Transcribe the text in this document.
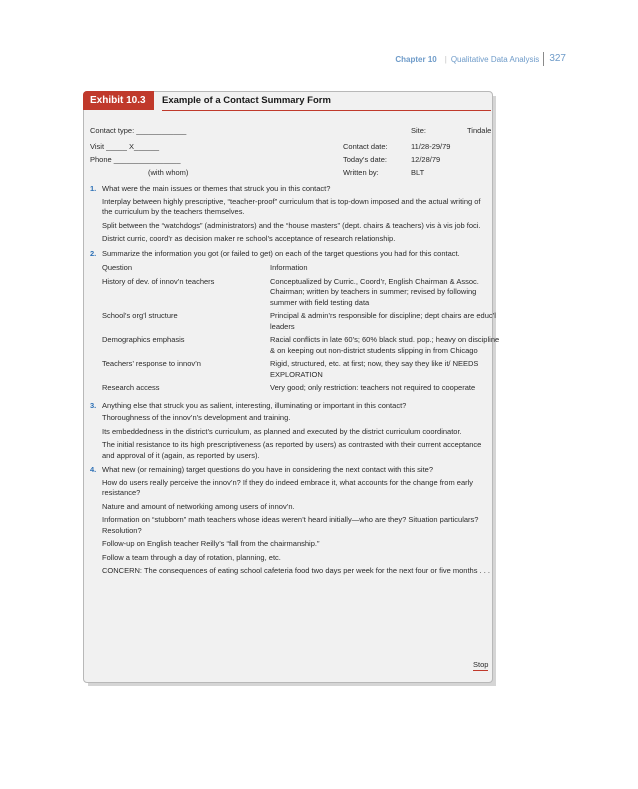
Chapter 10 | Qualitative Data Analysis	327
Exhibit 10.3	Example of a Contact Summary Form
Contact type: ____________
Visit _____ X______
Phone ________________
(with whom)
Site:	Tindale
Contact date:	11/28-29/79
Today's date:	12/28/79
Written by:	BLT
1. What were the main issues or themes that struck you in this contact?

Interplay between highly prescriptive, “teacher-proof” curriculum that is top-down imposed and the actual writing of the curriculum by the teachers themselves.

Split between the “watchdogs” (administrators) and the “house masters” (dept. chairs & teachers) vis à vis job foci.

District curric, coord’r as decision maker re school’s acceptance of research relationship.

2. Summarize the information you got (or failed to get) on each of the target questions you had for this contact.
Question	Information
History of dev. of innov’n teachers	Conceptualized by Curric., Coord’r, English Chairman & Assoc. Chairman; written by teachers in summer; revised by following summer with field testing data
School’s org’l structure	Principal & admin’rs responsible for discipline; dept chairs are educ’l leaders
Demographics emphasis	Racial conflicts in late 60’s; 60% black stud. pop.; heavy on discipline & on keeping out non-district students slipping in from Chicago
Teachers’ response to innov’n	Rigid, structured, etc. at first; now, they say they like it/ NEEDS EXPLORATION
Research access	Very good; only restriction: teachers not required to cooperate
3. Anything else that struck you as salient, interesting, illuminating or important in this contact?

Thoroughness of the innov’n’s development and training.

Its embeddedness in the district’s curriculum, as planned and executed by the district curriculum coordinator.

The initial resistance to its high prescriptiveness (as reported by users) as contrasted with their current acceptance and approval of it (again, as reported by users).

4. What new (or remaining) target questions do you have in considering the next contact with this site?

How do users really perceive the innov’n? If they do indeed embrace it, what accounts for the change from early resistance?

Nature and amount of networking among users of innov’n.

Information on “stubborn” math teachers whose ideas weren’t heard initially—who are they? Situation particulars? Resolution?

Follow-up on English teacher Reilly’s “fall from the chairmanship.”

Follow a team through a day of rotation, planning, etc.

CONCERN: The consequences of eating school cafeteria food two days per week for the next four or five months . . .

Stop
